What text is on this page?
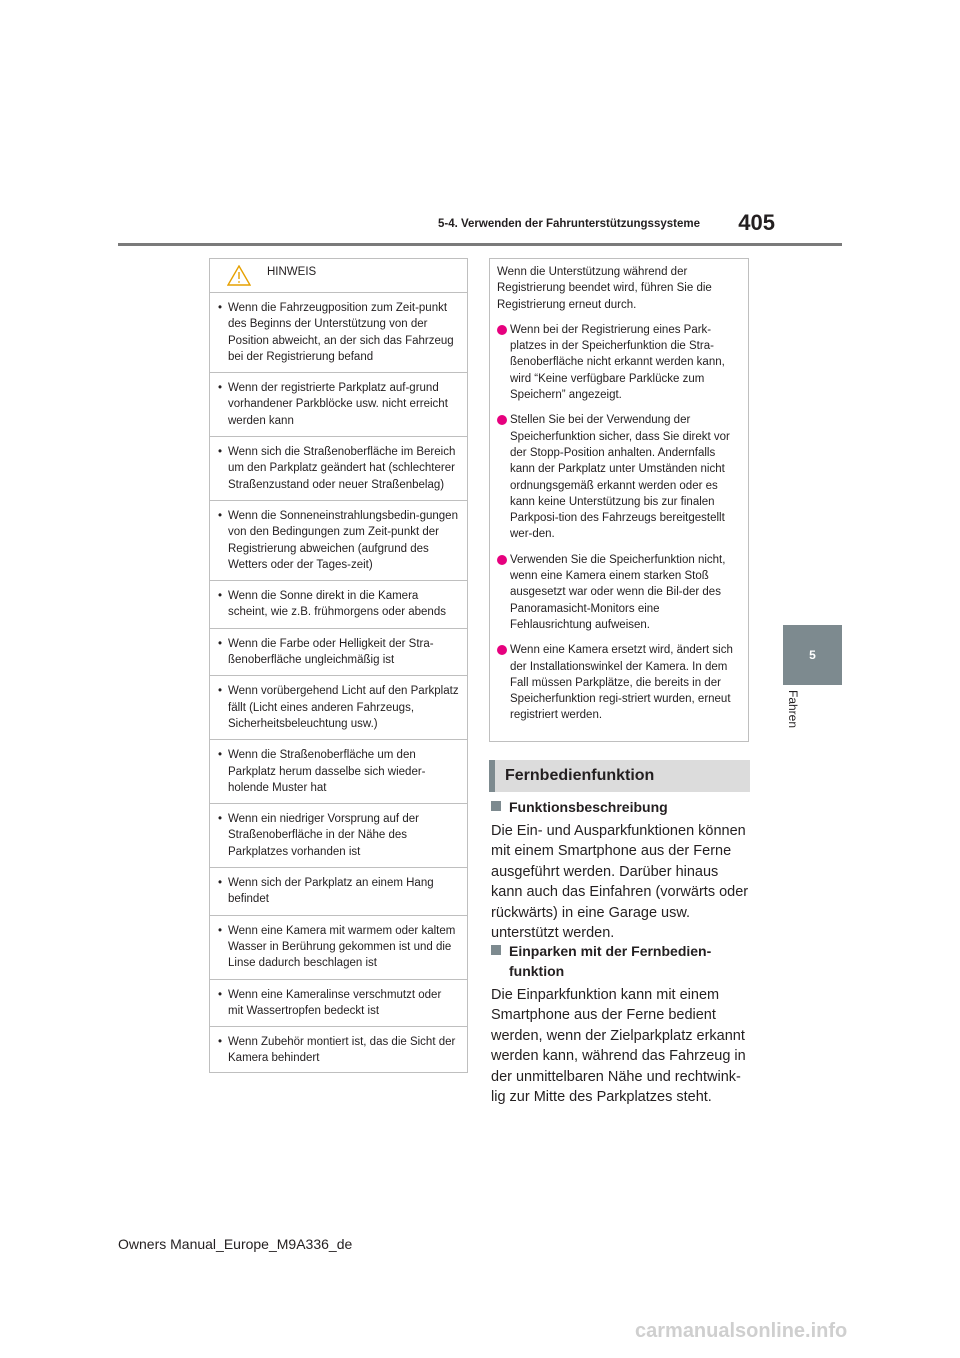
5-4. Verwenden der Fahrunterstützungssysteme	405
5
Fahren
HINWEIS
• Wenn die Fahrzeugposition zum Zeit-punkt des Beginns der Unterstützung von der Position abweicht, an der sich das Fahrzeug bei der Registrierung befand
• Wenn der registrierte Parkplatz auf-grund vorhandener Parkblöcke usw. nicht erreicht werden kann
• Wenn sich die Straßenoberfläche im Bereich um den Parkplatz geändert hat (schlechterer Straßenzustand oder neuer Straßenbelag)
• Wenn die Sonneneinstrahlungsbedin-gungen von den Bedingungen zum Zeit-punkt der Registrierung abweichen (aufgrund des Wetters oder der Tages-zeit)
• Wenn die Sonne direkt in die Kamera scheint, wie z.B. frühmorgens oder abends
• Wenn die Farbe oder Helligkeit der Stra-ßenoberfläche ungleichmäßig ist
• Wenn vorübergehend Licht auf den Parkplatz fällt (Licht eines anderen Fahrzeugs, Sicherheitsbeleuchtung usw.)
• Wenn die Straßenoberfläche um den Parkplatz herum dasselbe sich wieder-holende Muster hat
• Wenn ein niedriger Vorsprung auf der Straßenoberfläche in der Nähe des Parkplatzes vorhanden ist
• Wenn sich der Parkplatz an einem Hang befindet
• Wenn eine Kamera mit warmem oder kaltem Wasser in Berührung gekommen ist und die Linse dadurch beschlagen ist
• Wenn eine Kameralinse verschmutzt oder mit Wassertropfen bedeckt ist
• Wenn Zubehör montiert ist, das die Sicht der Kamera behindert

Wenn die Unterstützung während der Registrierung beendet wird, führen Sie die Registrierung erneut durch.

Wenn bei der Registrierung eines Park-platzes in der Speicherfunktion die Stra-ßenoberfläche nicht erkannt werden kann, wird “Keine verfügbare Parklücke zum Speichern” angezeigt.
Stellen Sie bei der Verwendung der Speicherfunktion sicher, dass Sie direkt vor der Stopp-Position anhalten. Andernfalls kann der Parkplatz unter Umständen nicht ordnungsgemäß erkannt werden oder es kann keine Unterstützung bis zur finalen Parkposi-tion des Fahrzeugs bereitgestellt wer-den.
Verwenden Sie die Speicherfunktion nicht, wenn eine Kamera einem starken Stoß ausgesetzt war oder wenn die Bil-der des Panoramasicht-Monitors eine Fehlausrichtung aufweisen.
Wenn eine Kamera ersetzt wird, ändert sich der Installationswinkel der Kamera. In dem Fall müssen Parkplätze, die bereits in der Speicherfunktion regi-striert wurden, erneut registriert werden.
Fernbedienfunktion
Funktionsbeschreibung
Die Ein- und Ausparkfunktionen können mit einem Smartphone aus der Ferne ausgeführt werden. Darüber hinaus kann auch das Einfahren (vorwärts oder rückwärts) in eine Garage usw. unterstützt werden.
Einparken mit der Fernbedien-funktion
Die Einparkfunktion kann mit einem Smartphone aus der Ferne bedient werden, wenn der Zielparkplatz erkannt werden kann, während das Fahrzeug in der unmittelbaren Nähe und rechtwink-lig zur Mitte des Parkplatzes steht.
Owners Manual_Europe_M9A336_de
carmanualsonline.info
